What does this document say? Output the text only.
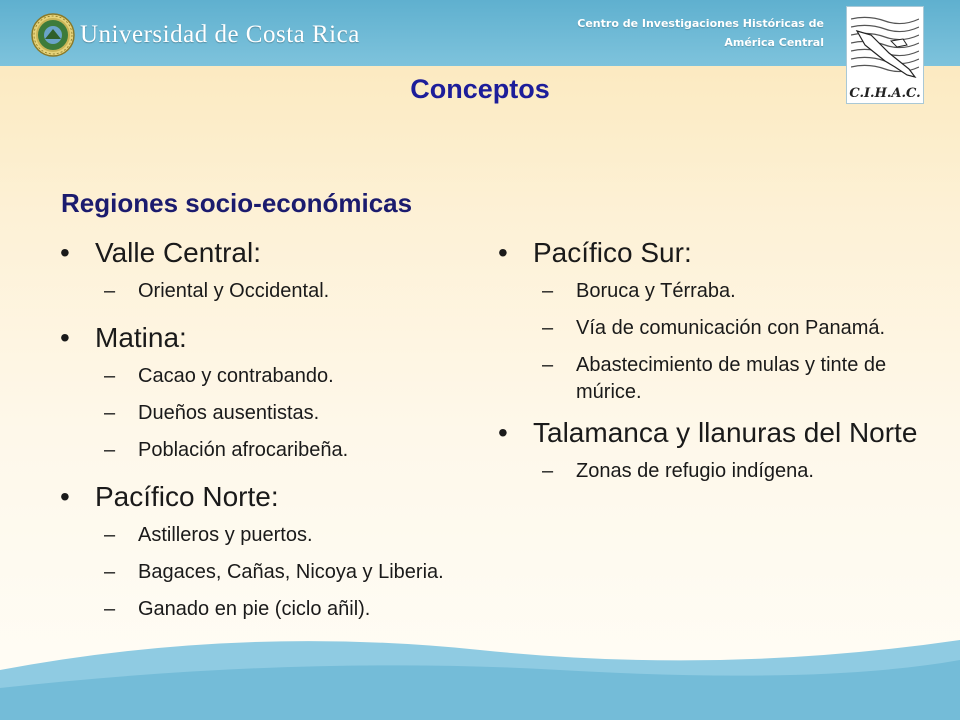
Universidad de Costa Rica	Centro de Investigaciones Históricas de
América Central
C.I.H.A.C.
Conceptos
Regiones socio-económicas
• Valle Central:
– Oriental y Occidental.
• Matina:
– Cacao y contrabando.
– Dueños ausentistas.
– Población afrocaribeña.
• Pacífico Norte:
– Astilleros y puertos.
– Bagaces, Cañas, Nicoya y Liberia.
– Ganado en pie (ciclo añil).
• Pacífico Sur:
– Boruca y Térraba.
– Vía de comunicación con Panamá.
– Abastecimiento de mulas y tinte de múrice.
• Talamanca y llanuras del Norte
– Zonas de refugio indígena.
